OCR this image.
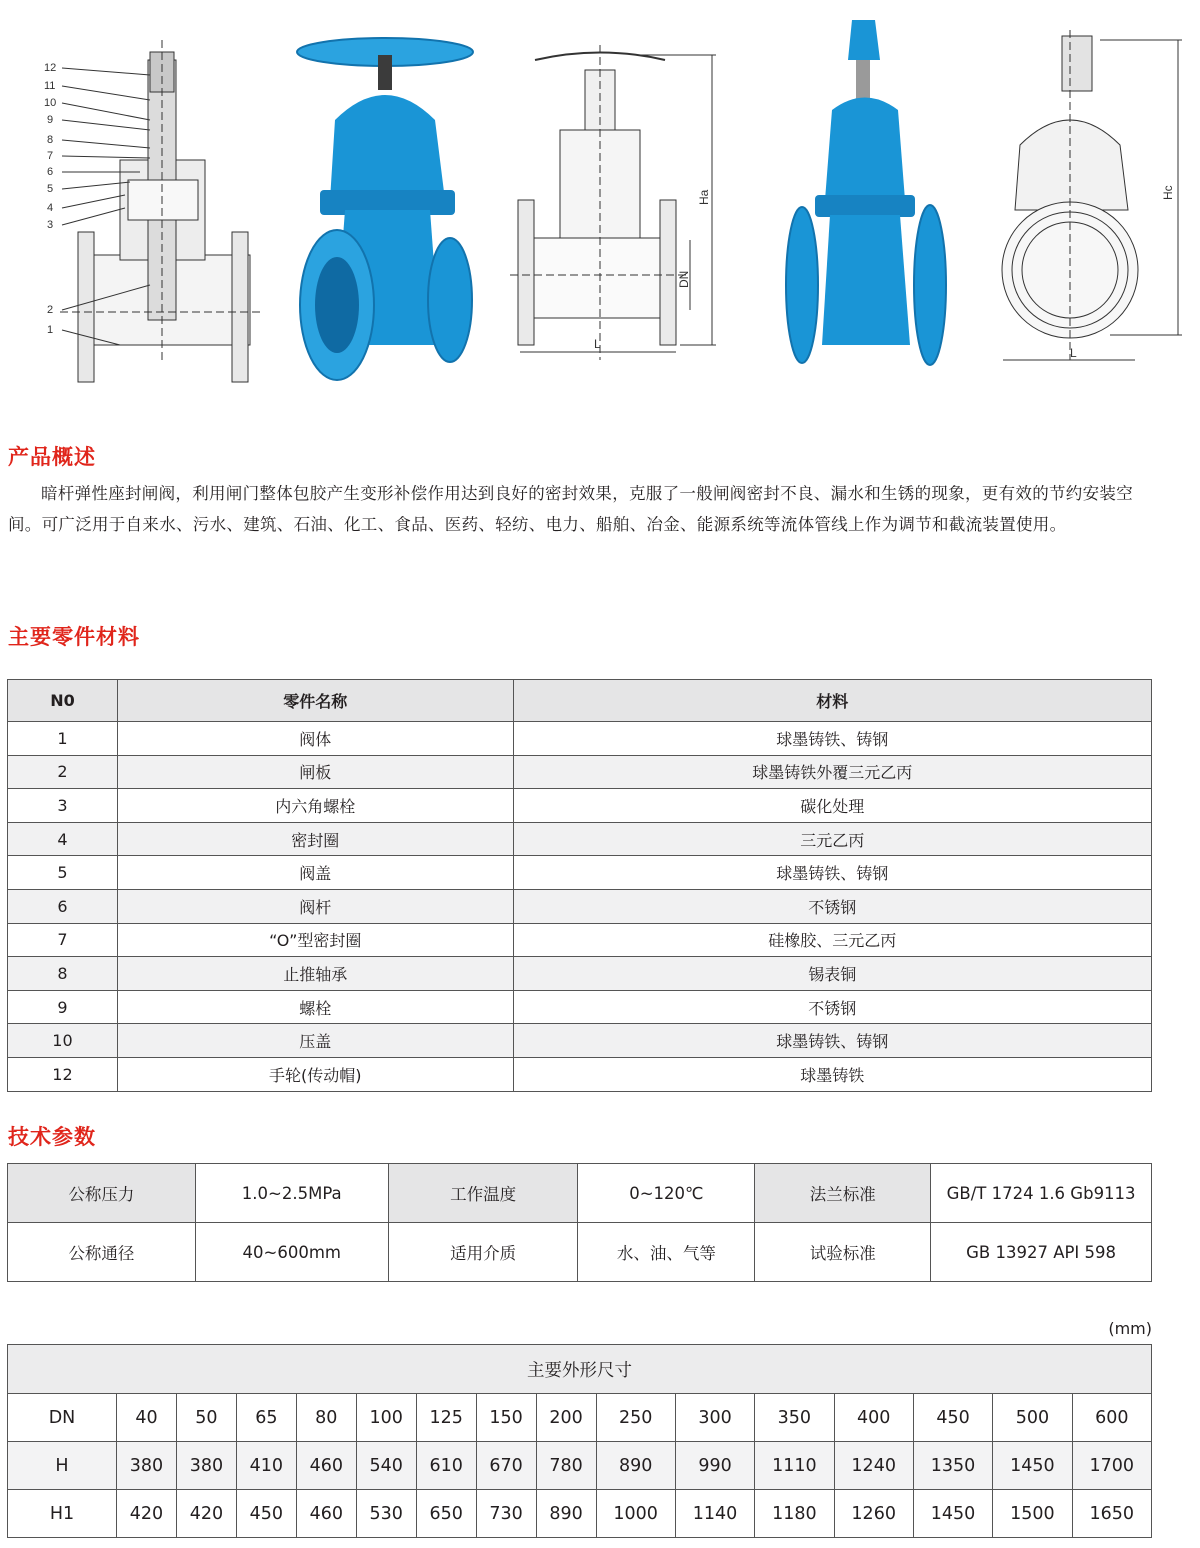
12
11
10
9
8
7
6
5
4
3
2
1
Ha
DN
L
Hc
L
产品概述
暗杆弹性座封闸阀，利用闸门整体包胶产生变形补偿作用达到良好的密封效果，克服了一般闸阀密封不良、漏水和生锈的现象，更有效的节约安装空间。可广泛用于自来水、污水、建筑、石油、化工、食品、医药、轻纺、电力、船舶、冶金、能源系统等流体管线上作为调节和截流装置使用。
主要零件材料
N0	零件名称	材料
1	阀体	球墨铸铁、铸钢
2	闸板	球墨铸铁外覆三元乙丙
3	内六角螺栓	碳化处理
4	密封圈	三元乙丙
5	阀盖	球墨铸铁、铸钢
6	阀杆	不锈钢
7	“O”型密封圈	硅橡胶、三元乙丙
8	止推轴承	锡表铜
9	螺栓	不锈钢
10	压盖	球墨铸铁、铸钢
12	手轮(传动帽)	球墨铸铁
技术参数
公称压力	1.0~2.5MPa	工作温度	0~120℃	法兰标准	GB/T 1724 1.6 Gb9113
公称通径	40~600mm	适用介质	水、油、气等	试验标准	GB 13927 API 598
(mm)
主要外形尺寸															
DN	40	50	65	80	100	125	150	200	250	300	350	400	450	500	600
H	380	380	410	460	540	610	670	780	890	990	1110	1240	1350	1450	1700
H1	420	420	450	460	530	650	730	890	1000	1140	1180	1260	1450	1500	1650
